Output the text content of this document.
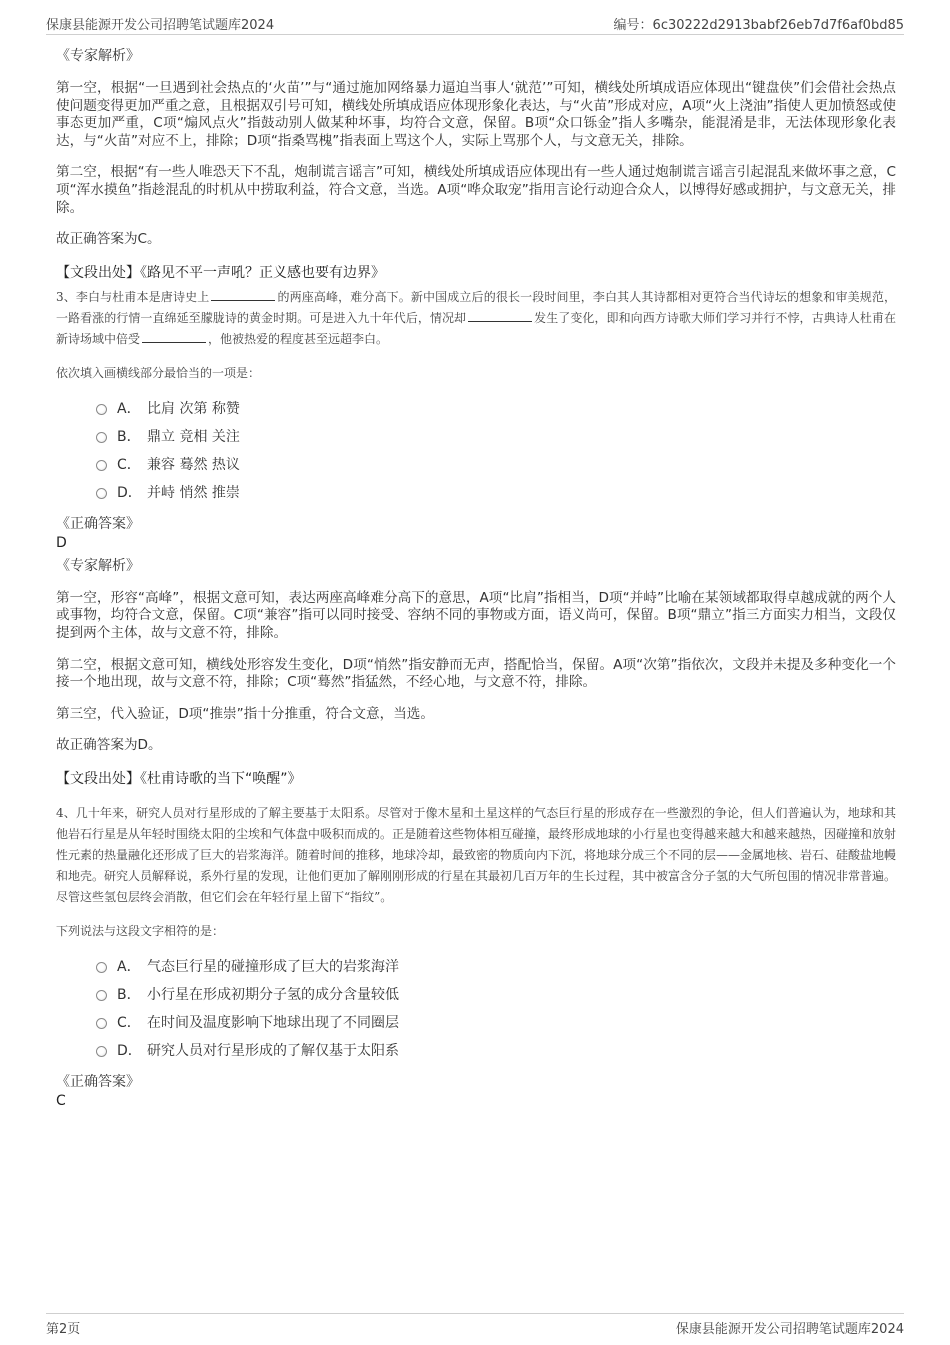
保康县能源开发公司招聘笔试题库2024	编号：6c30222d2913babf26eb7d7f6af0bd85
《专家解析》

第一空，根据“一旦遇到社会热点的‘火苗’”与“通过施加网络暴力逼迫当事人‘就范’”可知，横线处所填成语应体现出“键盘侠”们会借社会热点使问题变得更加严重之意，且根据双引号可知，横线处所填成语应体现形象化表达，与“火苗”形成对应，A项“火上浇油”指使人更加愤怒或使事态更加严重，C项“煽风点火”指鼓动别人做某种坏事，均符合文意，保留。B项“众口铄金”指人多嘴杂，能混淆是非，无法体现形象化表达，与“火苗”对应不上，排除；D项“指桑骂槐”指表面上骂这个人，实际上骂那个人，与文意无关，排除。

第二空，根据“有一些人唯恐天下不乱，炮制谎言谣言”可知，横线处所填成语应体现出有一些人通过炮制谎言谣言引起混乱来做坏事之意，C项“浑水摸鱼”指趁混乱的时机从中捞取利益，符合文意，当选。A项“哗众取宠”指用言论行动迎合众人，以博得好感或拥护，与文意无关，排除。

故正确答案为C。

【文段出处】《路见不平一声吼？正义感也要有边界》
3、李白与杜甫本是唐诗史上	的两座高峰，难分高下。新中国成立后的很长一段时间里，李白其人其诗都相对更符合当代诗坛的想象和审美规范，一路看涨的行情一直绵延至朦胧诗的黄金时期。可是进入九十年代后，情况却	发生了变化，即和向西方诗歌大师们学习并行不悖，古典诗人杜甫在新诗场域中倍受	，他被热爱的程度甚至远超李白。
依次填入画横线部分最恰当的一项是：
A． 比肩 次第 称赞
B． 鼎立 竞相 关注
C． 兼容 蓦然 热议
D． 并峙 悄然 推崇
《正确答案》
D
《专家解析》

第一空，形容“高峰”，根据文意可知，表达两座高峰难分高下的意思，A项“比肩”指相当，D项“并峙”比喻在某领域都取得卓越成就的两个人或事物，均符合文意，保留。C项“兼容”指可以同时接受、容纳不同的事物或方面，语义尚可，保留。B项“鼎立”指三方面实力相当，文段仅提到两个主体，故与文意不符，排除。

第二空，根据文意可知，横线处形容发生变化，D项“悄然”指安静而无声，搭配恰当，保留。A项“次第”指依次，文段并未提及多种变化一个接一个地出现，故与文意不符，排除；C项“蓦然”指猛然，不经心地，与文意不符，排除。

第三空，代入验证，D项“推崇”指十分推重，符合文意，当选。

故正确答案为D。

【文段出处】《杜甫诗歌的当下“唤醒”》
4、几十年来，研究人员对行星形成的了解主要基于太阳系。尽管对于像木星和土星这样的气态巨行星的形成存在一些激烈的争论，但人们普遍认为，地球和其他岩石行星是从年轻时围绕太阳的尘埃和气体盘中吸积而成的。正是随着这些物体相互碰撞，最终形成地球的小行星也变得越来越大和越来越热，因碰撞和放射性元素的热量融化还形成了巨大的岩浆海洋。随着时间的推移，地球冷却，最致密的物质向内下沉，将地球分成三个不同的层——金属地核、岩石、硅酸盐地幔和地壳。研究人员解释说，系外行星的发现，让他们更加了解刚刚形成的行星在其最初几百万年的生长过程，其中被富含分子氢的大气所包围的情况非常普遍。尽管这些氢包层终会消散，但它们会在年轻行星上留下“指纹”。
下列说法与这段文字相符的是：
A． 气态巨行星的碰撞形成了巨大的岩浆海洋
B． 小行星在形成初期分子氢的成分含量较低
C． 在时间及温度影响下地球出现了不同圈层
D． 研究人员对行星形成的了解仅基于太阳系
《正确答案》
C
第2页	保康县能源开发公司招聘笔试题库2024
